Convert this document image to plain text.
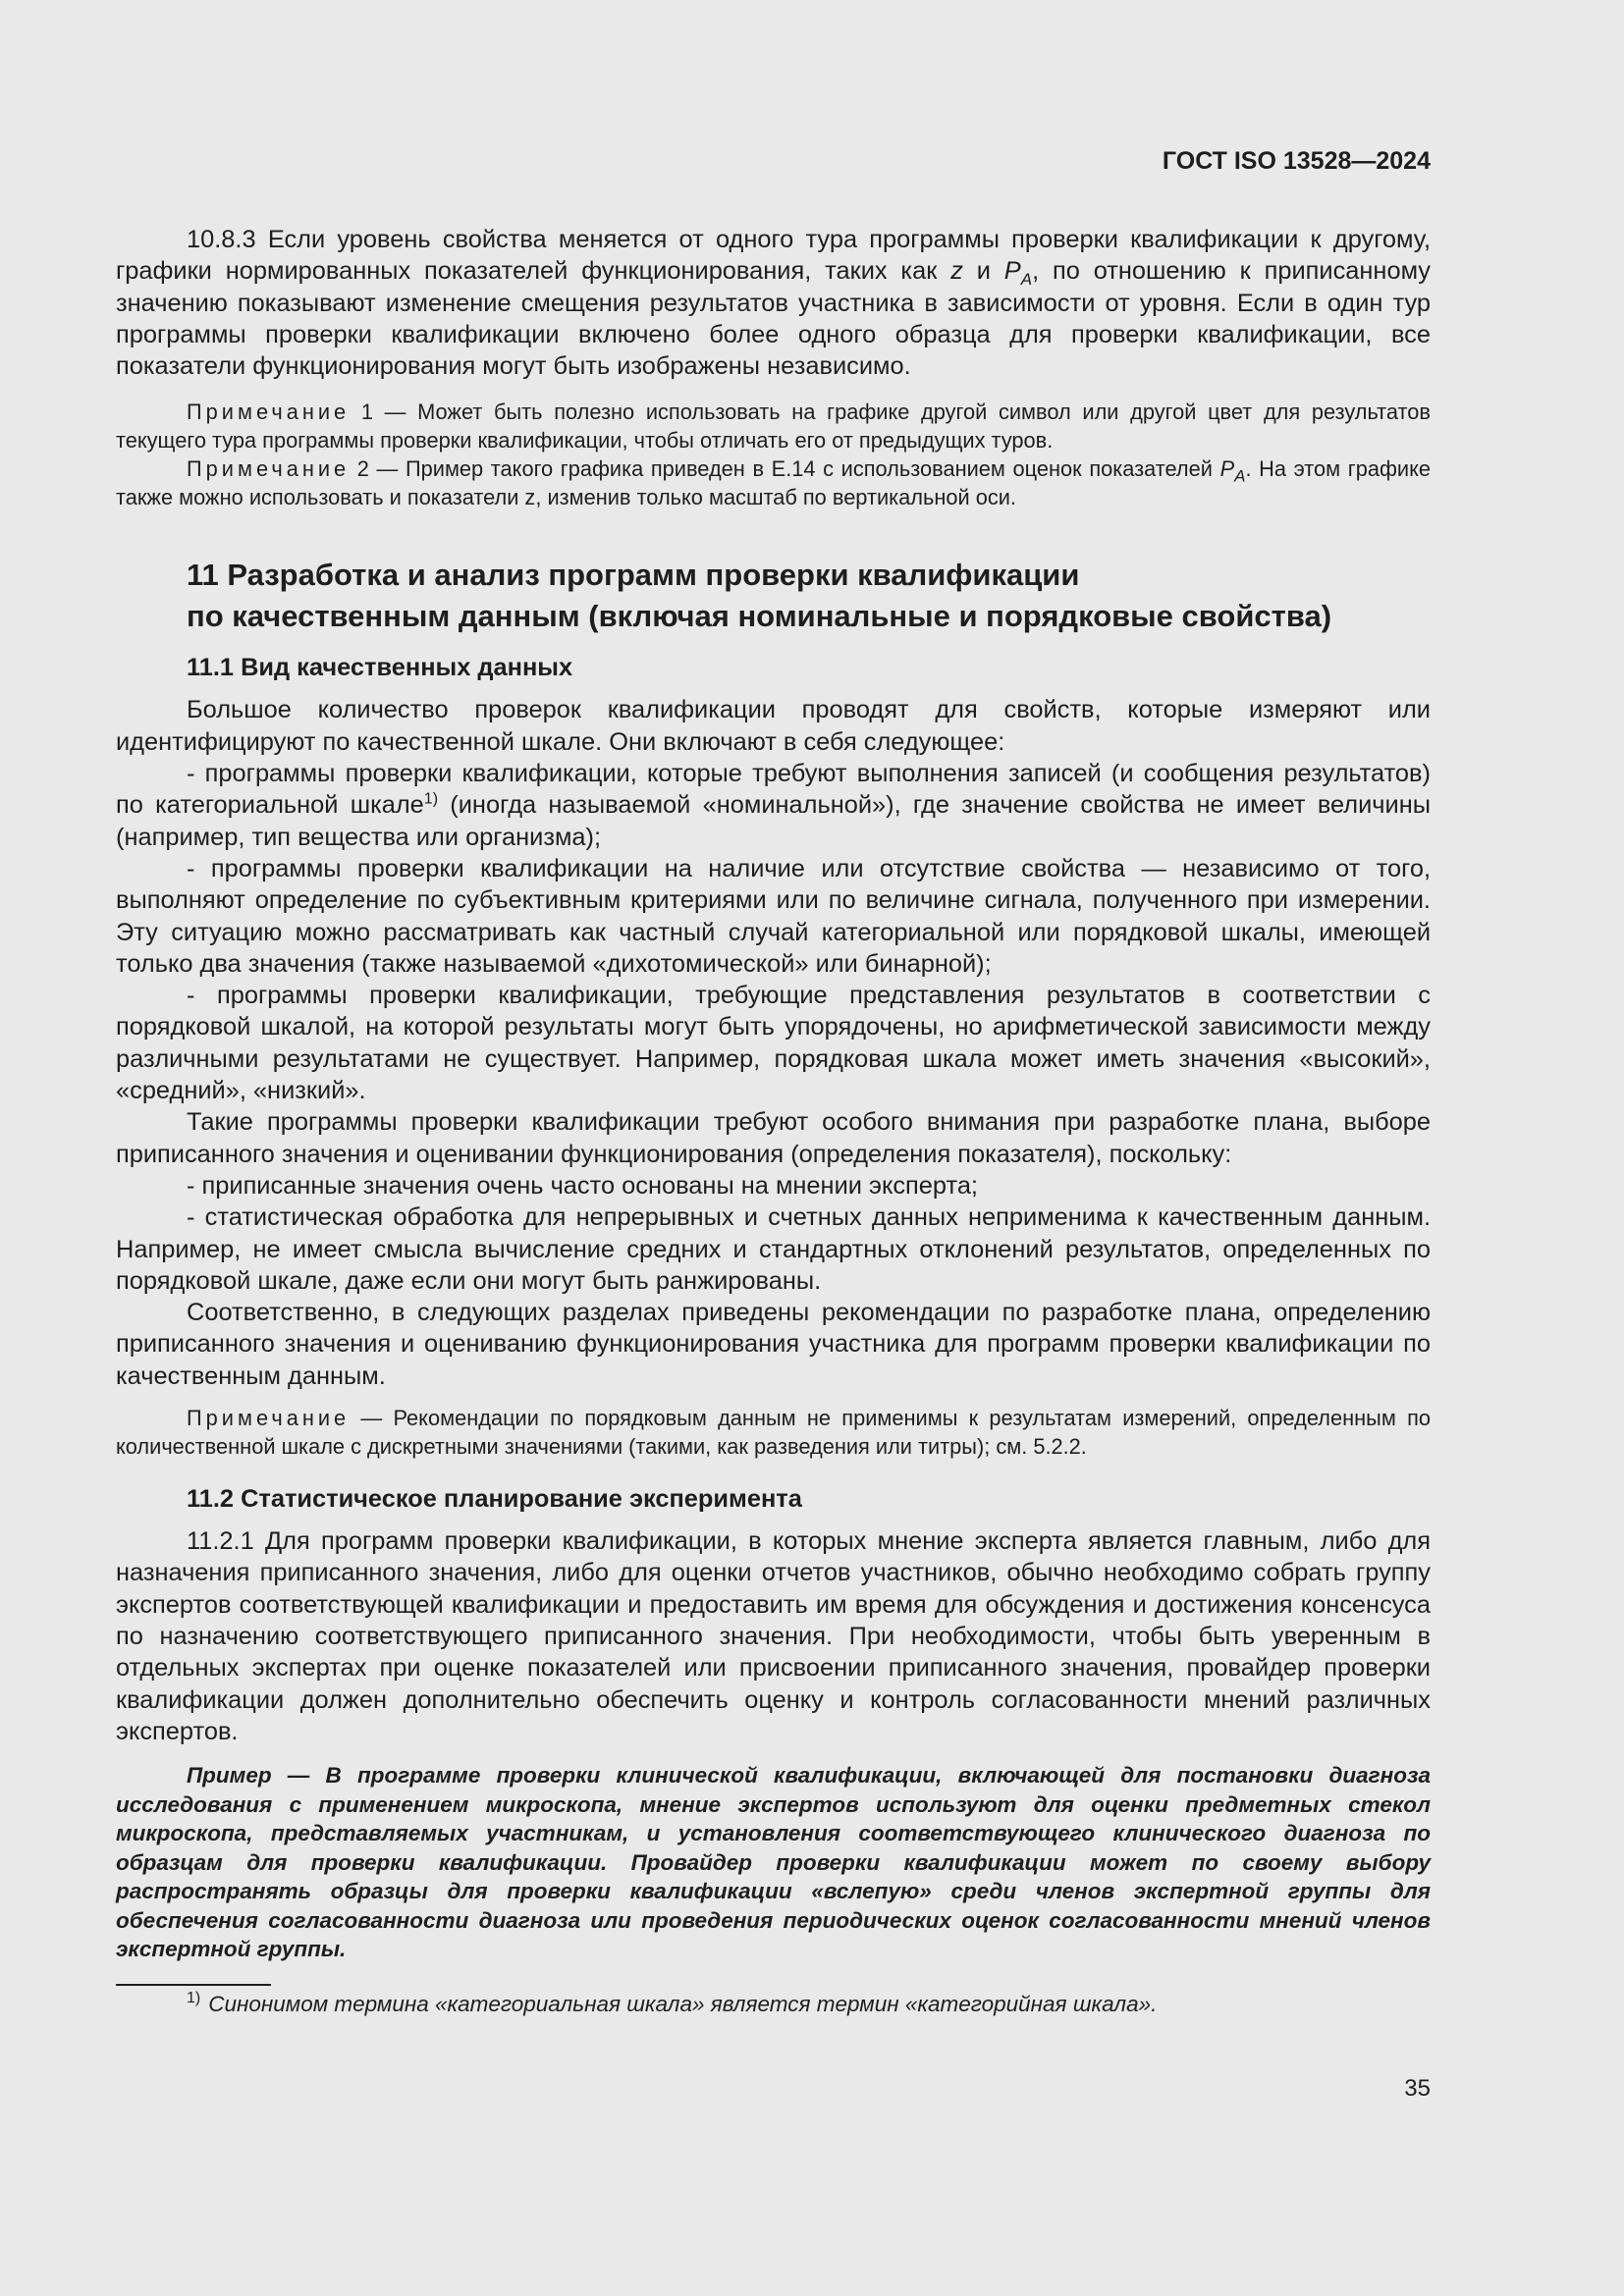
ГОСТ ISO 13528—2024

10.8.3 Если уровень свойства меняется от одного тура программы проверки квалификации к другому, графики нормированных показателей функционирования, таких как z и $P_A$, по отношению к приписанному значению показывают изменение смещения результатов участника в зависимости от уровня. Если в один тур программы проверки квалификации включено более одного образца для проверки квалификации, все показатели функционирования могут быть изображены независимо.

Примечание 1 — Может быть полезно использовать на графике другой символ или другой цвет для результатов текущего тура программы проверки квалификации, чтобы отличать его от предыдущих туров.

Примечание 2 — Пример такого графика приведен в Е.14 с использованием оценок показателей $P_A$. На этом графике также можно использовать и показатели z, изменив только масштаб по вертикальной оси.

11 Разработка и анализ программ проверки квалификации
по качественным данным (включая номинальные и порядковые свойства)
11.1 Вид качественных данных

Большое количество проверок квалификации проводят для свойств, которые измеряют или идентифицируют по качественной шкале. Они включают в себя следующее:

- программы проверки квалификации, которые требуют выполнения записей (и сообщения результатов) по категориальной шкале$^{1)}$ (иногда называемой «номинальной»), где значение свойства не имеет величины (например, тип вещества или организма);

- программы проверки квалификации на наличие или отсутствие свойства — независимо от того, выполняют определение по субъективным критериями или по величине сигнала, полученного при измерении. Эту ситуацию можно рассматривать как частный случай категориальной или порядковой шкалы, имеющей только два значения (также называемой «дихотомической» или бинарной);

- программы проверки квалификации, требующие представления результатов в соответствии с порядковой шкалой, на которой результаты могут быть упорядочены, но арифметической зависимости между различными результатами не существует. Например, порядковая шкала может иметь значения «высокий», «средний», «низкий».

Такие программы проверки квалификации требуют особого внимания при разработке плана, выборе приписанного значения и оценивании функционирования (определения показателя), поскольку:

- приписанные значения очень часто основаны на мнении эксперта;

- статистическая обработка для непрерывных и счетных данных неприменима к качественным данным. Например, не имеет смысла вычисление средних и стандартных отклонений результатов, определенных по порядковой шкале, даже если они могут быть ранжированы.

Соответственно, в следующих разделах приведены рекомендации по разработке плана, определению приписанного значения и оцениванию функционирования участника для программ проверки квалификации по качественным данным.

Примечание — Рекомендации по порядковым данным не применимы к результатам измерений, определенным по количественной шкале с дискретными значениями (такими, как разведения или титры); см. 5.2.2.

11.2 Статистическое планирование эксперимента

11.2.1 Для программ проверки квалификации, в которых мнение эксперта является главным, либо для назначения приписанного значения, либо для оценки отчетов участников, обычно необходимо собрать группу экспертов соответствующей квалификации и предоставить им время для обсуждения и достижения консенсуса по назначению соответствующего приписанного значения. При необходимости, чтобы быть уверенным в отдельных экспертах при оценке показателей или присвоении приписанного значения, провайдер проверки квалификации должен дополнительно обеспечить оценку и контроль согласованности мнений различных экспертов.

Пример — В программе проверки клинической квалификации, включающей для постановки диагноза исследования с применением микроскопа, мнение экспертов используют для оценки предметных стекол микроскопа, представляемых участникам, и установления соответствующего клинического диагноза по образцам для проверки квалификации. Провайдер проверки квалификации может по своему выбору распространять образцы для проверки квалификации «вслепую» среди членов экспертной группы для обеспечения согласованности диагноза или проведения периодических оценок согласованности мнений членов экспертной группы.

$^{1)}$ Синонимом термина «категориальная шкала» является термин «категорийная шкала».

35
